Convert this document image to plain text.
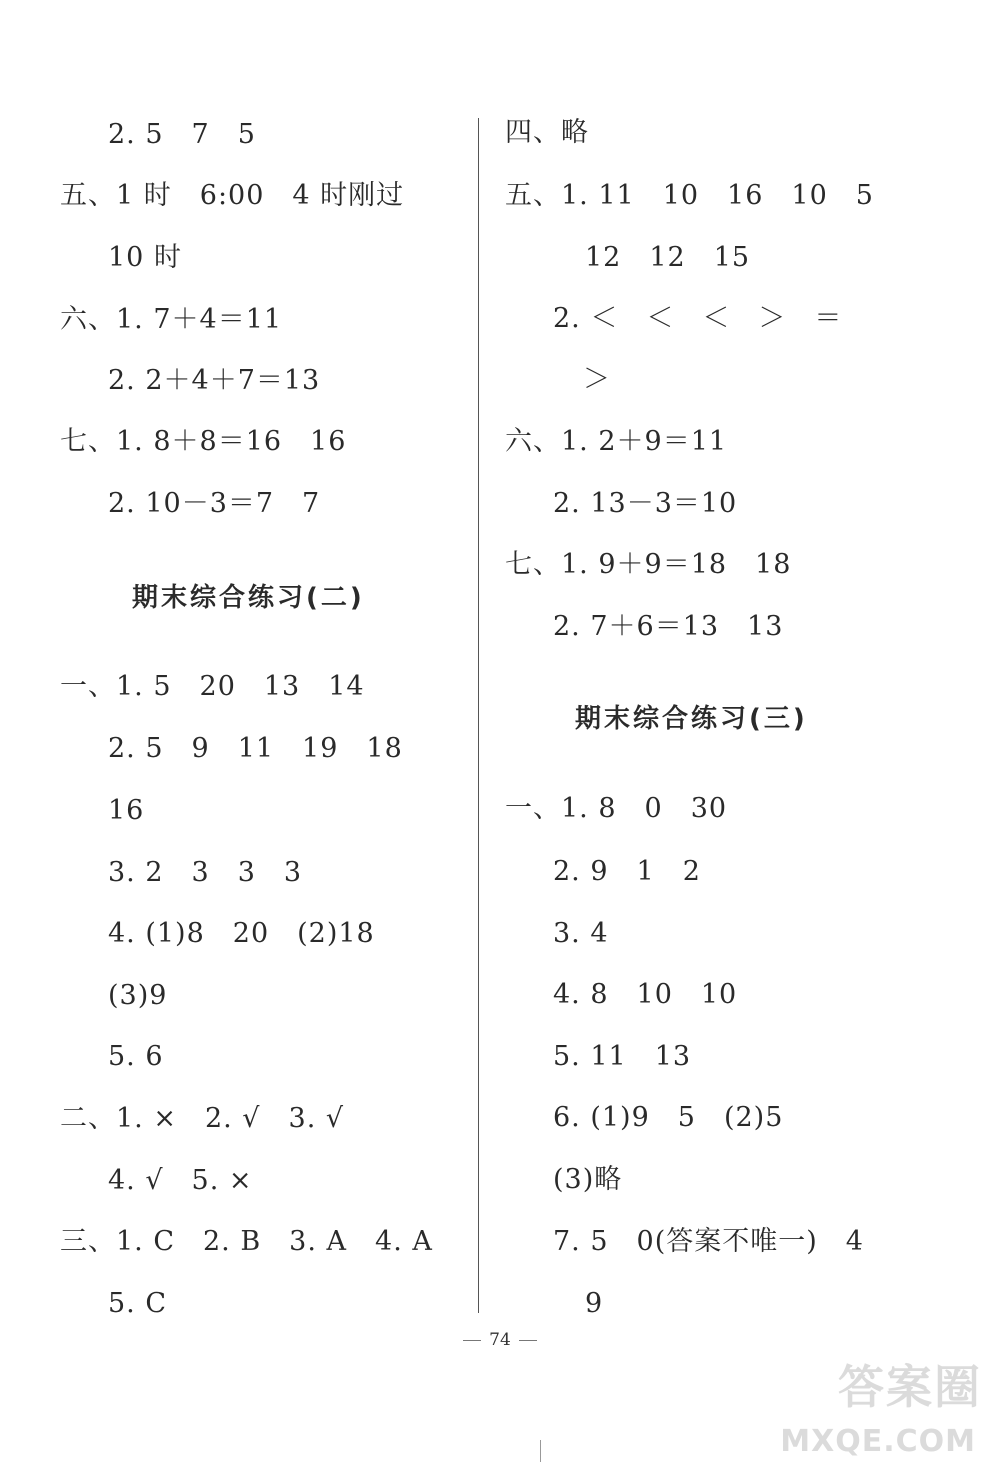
2. 5　7　5
五、1 时　6:00　4 时刚过
10 时
六、1. 7＋4＝11
2. 2＋4＋7＝13
七、1. 8＋8＝16　16
2. 10－3＝7　7
期末综合练习(二)
一、1. 5　20　13　14
2. 5　9　11　19　18
16
3. 2　3　3　3
4. (1)8　20　(2)18
(3)9
5. 6
二、1. ×　2. √　3. √
4. √　5. ×
三、1. C　2. B　3. A　4. A
5. C
四、略
五、1. 11　10　16　10　5
12　12　15
2. ＜　＜　＜　＞　＝
＞
六、1. 2＋9＝11
2. 13－3＝10
七、1. 9＋9＝18　18
2. 7＋6＝13　13
期末综合练习(三)
一、1. 8　0　30
2. 9　1　2
3. 4
4. 8　10　10
5. 11　13
6. (1)9　5　(2)5
(3)略
7. 5　0(答案不唯一)　4
9
74
答案圈
MXQE.COM
